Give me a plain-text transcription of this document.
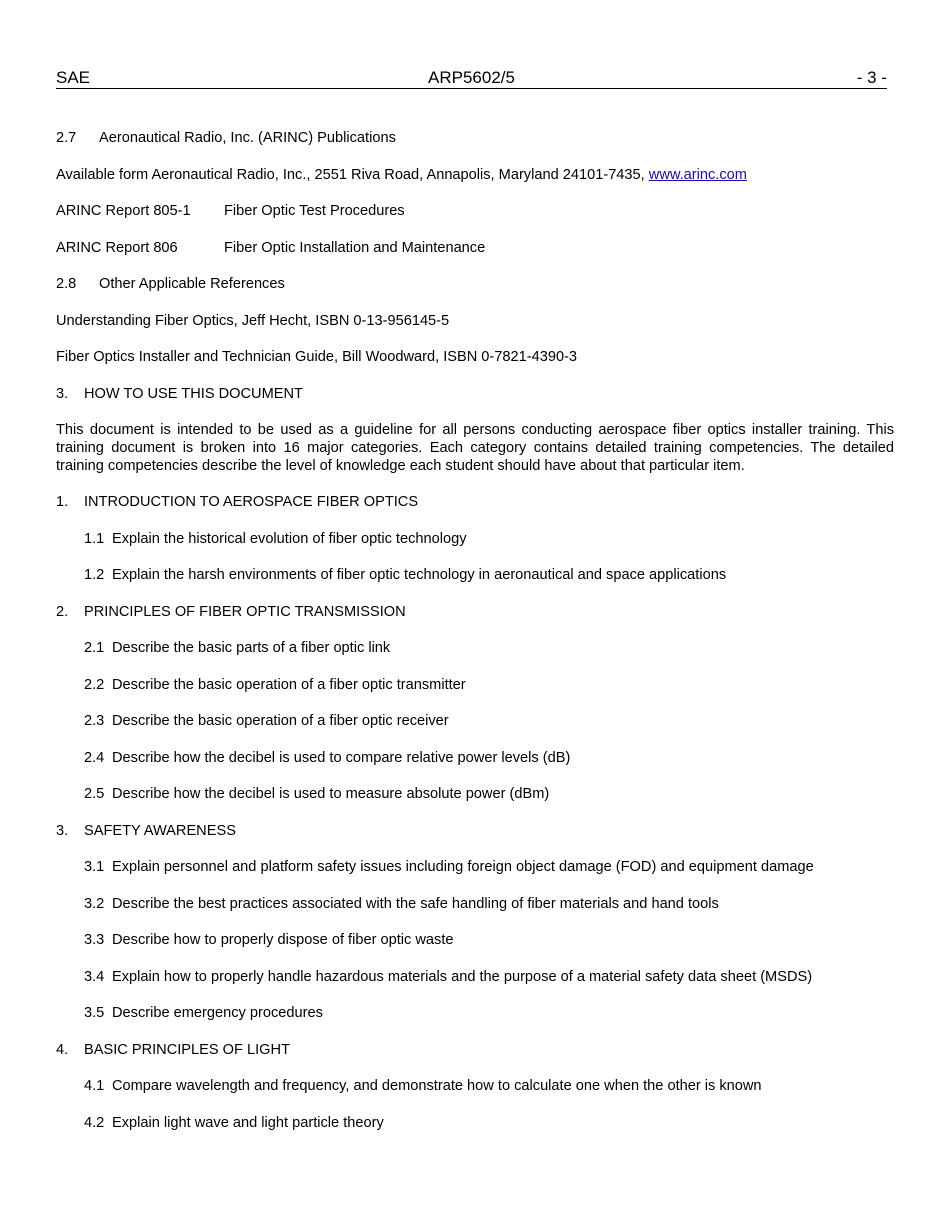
SAE	ARP5602/5	- 3 -
2.7 Aeronautical Radio, Inc. (ARINC) Publications
Available form Aeronautical Radio, Inc., 2551 Riva Road, Annapolis, Maryland 24101-7435, www.arinc.com
ARINC Report 805-1 Fiber Optic Test Procedures
ARINC Report 806	Fiber Optic Installation and Maintenance
2.8 Other Applicable References
Understanding Fiber Optics, Jeff Hecht, ISBN 0-13-956145-5
Fiber Optics Installer and Technician Guide, Bill Woodward, ISBN 0-7821-4390-3
3. HOW TO USE THIS DOCUMENT
This document is intended to be used as a guideline for all persons conducting aerospace fiber optics installer training. This training document is broken into 16 major categories. Each category contains detailed training competencies. The detailed training competencies describe the level of knowledge each student should have about that particular item.
1. INTRODUCTION TO AEROSPACE FIBER OPTICS
1.1 Explain the historical evolution of fiber optic technology
1.2 Explain the harsh environments of fiber optic technology in aeronautical and space applications
2. PRINCIPLES OF FIBER OPTIC TRANSMISSION
2.1 Describe the basic parts of a fiber optic link
2.2 Describe the basic operation of a fiber optic transmitter
2.3 Describe the basic operation of a fiber optic receiver
2.4 Describe how the decibel is used to compare relative power levels (dB)
2.5 Describe how the decibel is used to measure absolute power (dBm)
3. SAFETY AWARENESS
3.1 Explain personnel and platform safety issues including foreign object damage (FOD) and equipment damage
3.2 Describe the best practices associated with the safe handling of fiber materials and hand tools
3.3 Describe how to properly dispose of fiber optic waste
3.4 Explain how to properly handle hazardous materials and the purpose of a material safety data sheet (MSDS)
3.5 Describe emergency procedures
4. BASIC PRINCIPLES OF LIGHT
4.1 Compare wavelength and frequency, and demonstrate how to calculate one when the other is known
4.2 Explain light wave and light particle theory
